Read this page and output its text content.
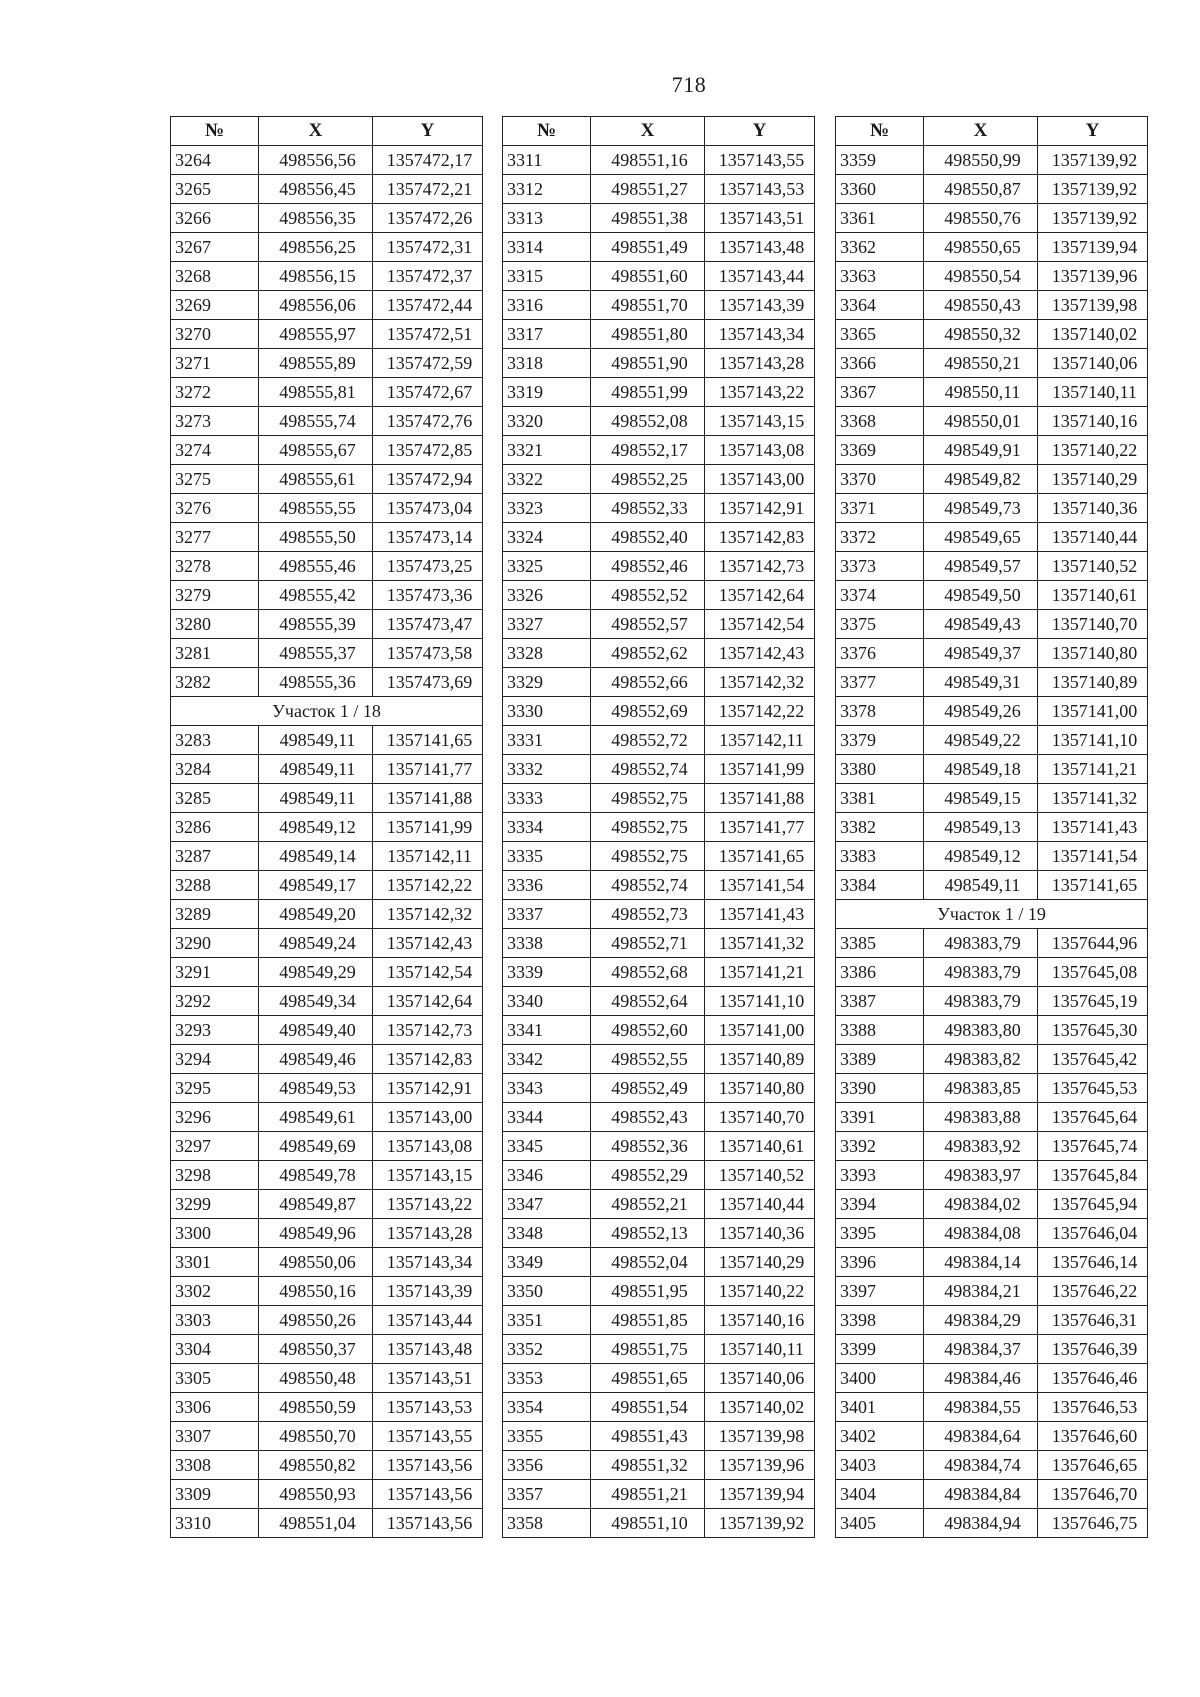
718
№	X	Y
3264	498556,56	1357472,17
3265	498556,45	1357472,21
3266	498556,35	1357472,26
3267	498556,25	1357472,31
3268	498556,15	1357472,37
3269	498556,06	1357472,44
3270	498555,97	1357472,51
3271	498555,89	1357472,59
3272	498555,81	1357472,67
3273	498555,74	1357472,76
3274	498555,67	1357472,85
3275	498555,61	1357472,94
3276	498555,55	1357473,04
3277	498555,50	1357473,14
3278	498555,46	1357473,25
3279	498555,42	1357473,36
3280	498555,39	1357473,47
3281	498555,37	1357473,58
3282	498555,36	1357473,69
Участок 1 / 18		
3283	498549,11	1357141,65
3284	498549,11	1357141,77
3285	498549,11	1357141,88
3286	498549,12	1357141,99
3287	498549,14	1357142,11
3288	498549,17	1357142,22
3289	498549,20	1357142,32
3290	498549,24	1357142,43
3291	498549,29	1357142,54
3292	498549,34	1357142,64
3293	498549,40	1357142,73
3294	498549,46	1357142,83
3295	498549,53	1357142,91
3296	498549,61	1357143,00
3297	498549,69	1357143,08
3298	498549,78	1357143,15
3299	498549,87	1357143,22
3300	498549,96	1357143,28
3301	498550,06	1357143,34
3302	498550,16	1357143,39
3303	498550,26	1357143,44
3304	498550,37	1357143,48
3305	498550,48	1357143,51
3306	498550,59	1357143,53
3307	498550,70	1357143,55
3308	498550,82	1357143,56
3309	498550,93	1357143,56
3310	498551,04	1357143,56
№	X	Y
3311	498551,16	1357143,55
3312	498551,27	1357143,53
3313	498551,38	1357143,51
3314	498551,49	1357143,48
3315	498551,60	1357143,44
3316	498551,70	1357143,39
3317	498551,80	1357143,34
3318	498551,90	1357143,28
3319	498551,99	1357143,22
3320	498552,08	1357143,15
3321	498552,17	1357143,08
3322	498552,25	1357143,00
3323	498552,33	1357142,91
3324	498552,40	1357142,83
3325	498552,46	1357142,73
3326	498552,52	1357142,64
3327	498552,57	1357142,54
3328	498552,62	1357142,43
3329	498552,66	1357142,32
3330	498552,69	1357142,22
3331	498552,72	1357142,11
3332	498552,74	1357141,99
3333	498552,75	1357141,88
3334	498552,75	1357141,77
3335	498552,75	1357141,65
3336	498552,74	1357141,54
3337	498552,73	1357141,43
3338	498552,71	1357141,32
3339	498552,68	1357141,21
3340	498552,64	1357141,10
3341	498552,60	1357141,00
3342	498552,55	1357140,89
3343	498552,49	1357140,80
3344	498552,43	1357140,70
3345	498552,36	1357140,61
3346	498552,29	1357140,52
3347	498552,21	1357140,44
3348	498552,13	1357140,36
3349	498552,04	1357140,29
3350	498551,95	1357140,22
3351	498551,85	1357140,16
3352	498551,75	1357140,11
3353	498551,65	1357140,06
3354	498551,54	1357140,02
3355	498551,43	1357139,98
3356	498551,32	1357139,96
3357	498551,21	1357139,94
3358	498551,10	1357139,92
№	X	Y
3359	498550,99	1357139,92
3360	498550,87	1357139,92
3361	498550,76	1357139,92
3362	498550,65	1357139,94
3363	498550,54	1357139,96
3364	498550,43	1357139,98
3365	498550,32	1357140,02
3366	498550,21	1357140,06
3367	498550,11	1357140,11
3368	498550,01	1357140,16
3369	498549,91	1357140,22
3370	498549,82	1357140,29
3371	498549,73	1357140,36
3372	498549,65	1357140,44
3373	498549,57	1357140,52
3374	498549,50	1357140,61
3375	498549,43	1357140,70
3376	498549,37	1357140,80
3377	498549,31	1357140,89
3378	498549,26	1357141,00
3379	498549,22	1357141,10
3380	498549,18	1357141,21
3381	498549,15	1357141,32
3382	498549,13	1357141,43
3383	498549,12	1357141,54
3384	498549,11	1357141,65
Участок 1 / 19		
3385	498383,79	1357644,96
3386	498383,79	1357645,08
3387	498383,79	1357645,19
3388	498383,80	1357645,30
3389	498383,82	1357645,42
3390	498383,85	1357645,53
3391	498383,88	1357645,64
3392	498383,92	1357645,74
3393	498383,97	1357645,84
3394	498384,02	1357645,94
3395	498384,08	1357646,04
3396	498384,14	1357646,14
3397	498384,21	1357646,22
3398	498384,29	1357646,31
3399	498384,37	1357646,39
3400	498384,46	1357646,46
3401	498384,55	1357646,53
3402	498384,64	1357646,60
3403	498384,74	1357646,65
3404	498384,84	1357646,70
3405	498384,94	1357646,75
